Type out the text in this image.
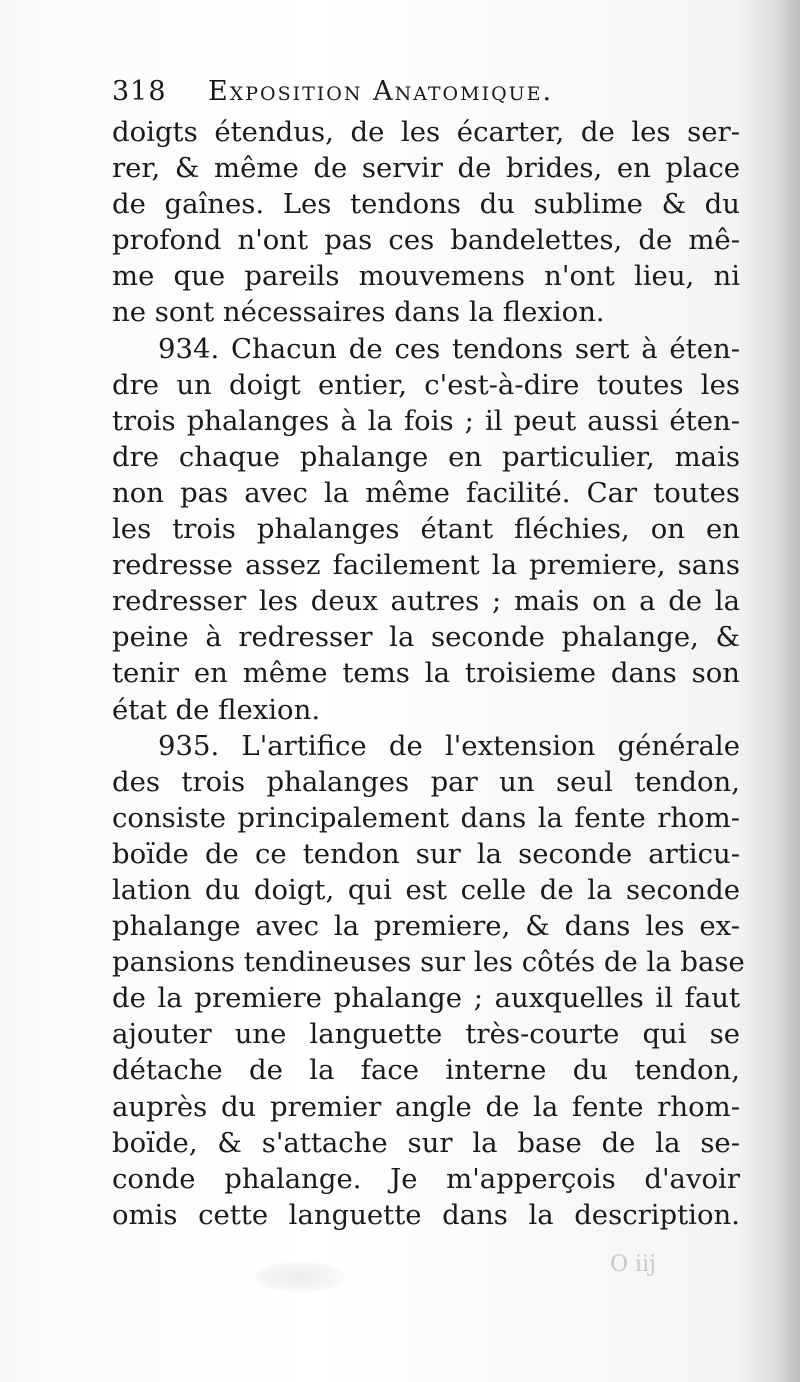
318	Exposition Anatomique.
doigts étendus, de les écarter, de les ser-
rer, & même de servir de brides, en place
de gaînes. Les tendons du sublime & du
profond n'ont pas ces bandelettes, de mê-
me que pareils mouvemens n'ont lieu, ni
ne sont nécessaires dans la flexion.
934. Chacun de ces tendons sert à éten-
dre un doigt entier, c'est-à-dire toutes les
trois phalanges à la fois ; il peut aussi éten-
dre chaque phalange en particulier, mais
non pas avec la même facilité. Car toutes
les trois phalanges étant fléchies, on en
redresse assez facilement la premiere, sans
redresser les deux autres ; mais on a de la
peine à redresser la seconde phalange, &
tenir en même tems la troisieme dans son
état de flexion.
935. L'artifice de l'extension générale
des trois phalanges par un seul tendon,
consiste principalement dans la fente rhom-
boïde de ce tendon sur la seconde articu-
lation du doigt, qui est celle de la seconde
phalange avec la premiere, & dans les ex-
pansions tendineuses sur les côtés de la base
de la premiere phalange ; auxquelles il faut
ajouter une languette très-courte qui se
détache de la face interne du tendon,
auprès du premier angle de la fente rhom-
boïde, & s'attache sur la base de la se-
conde phalange. Je m'apperçois d'avoir
omis cette languette dans la description.
O iij
